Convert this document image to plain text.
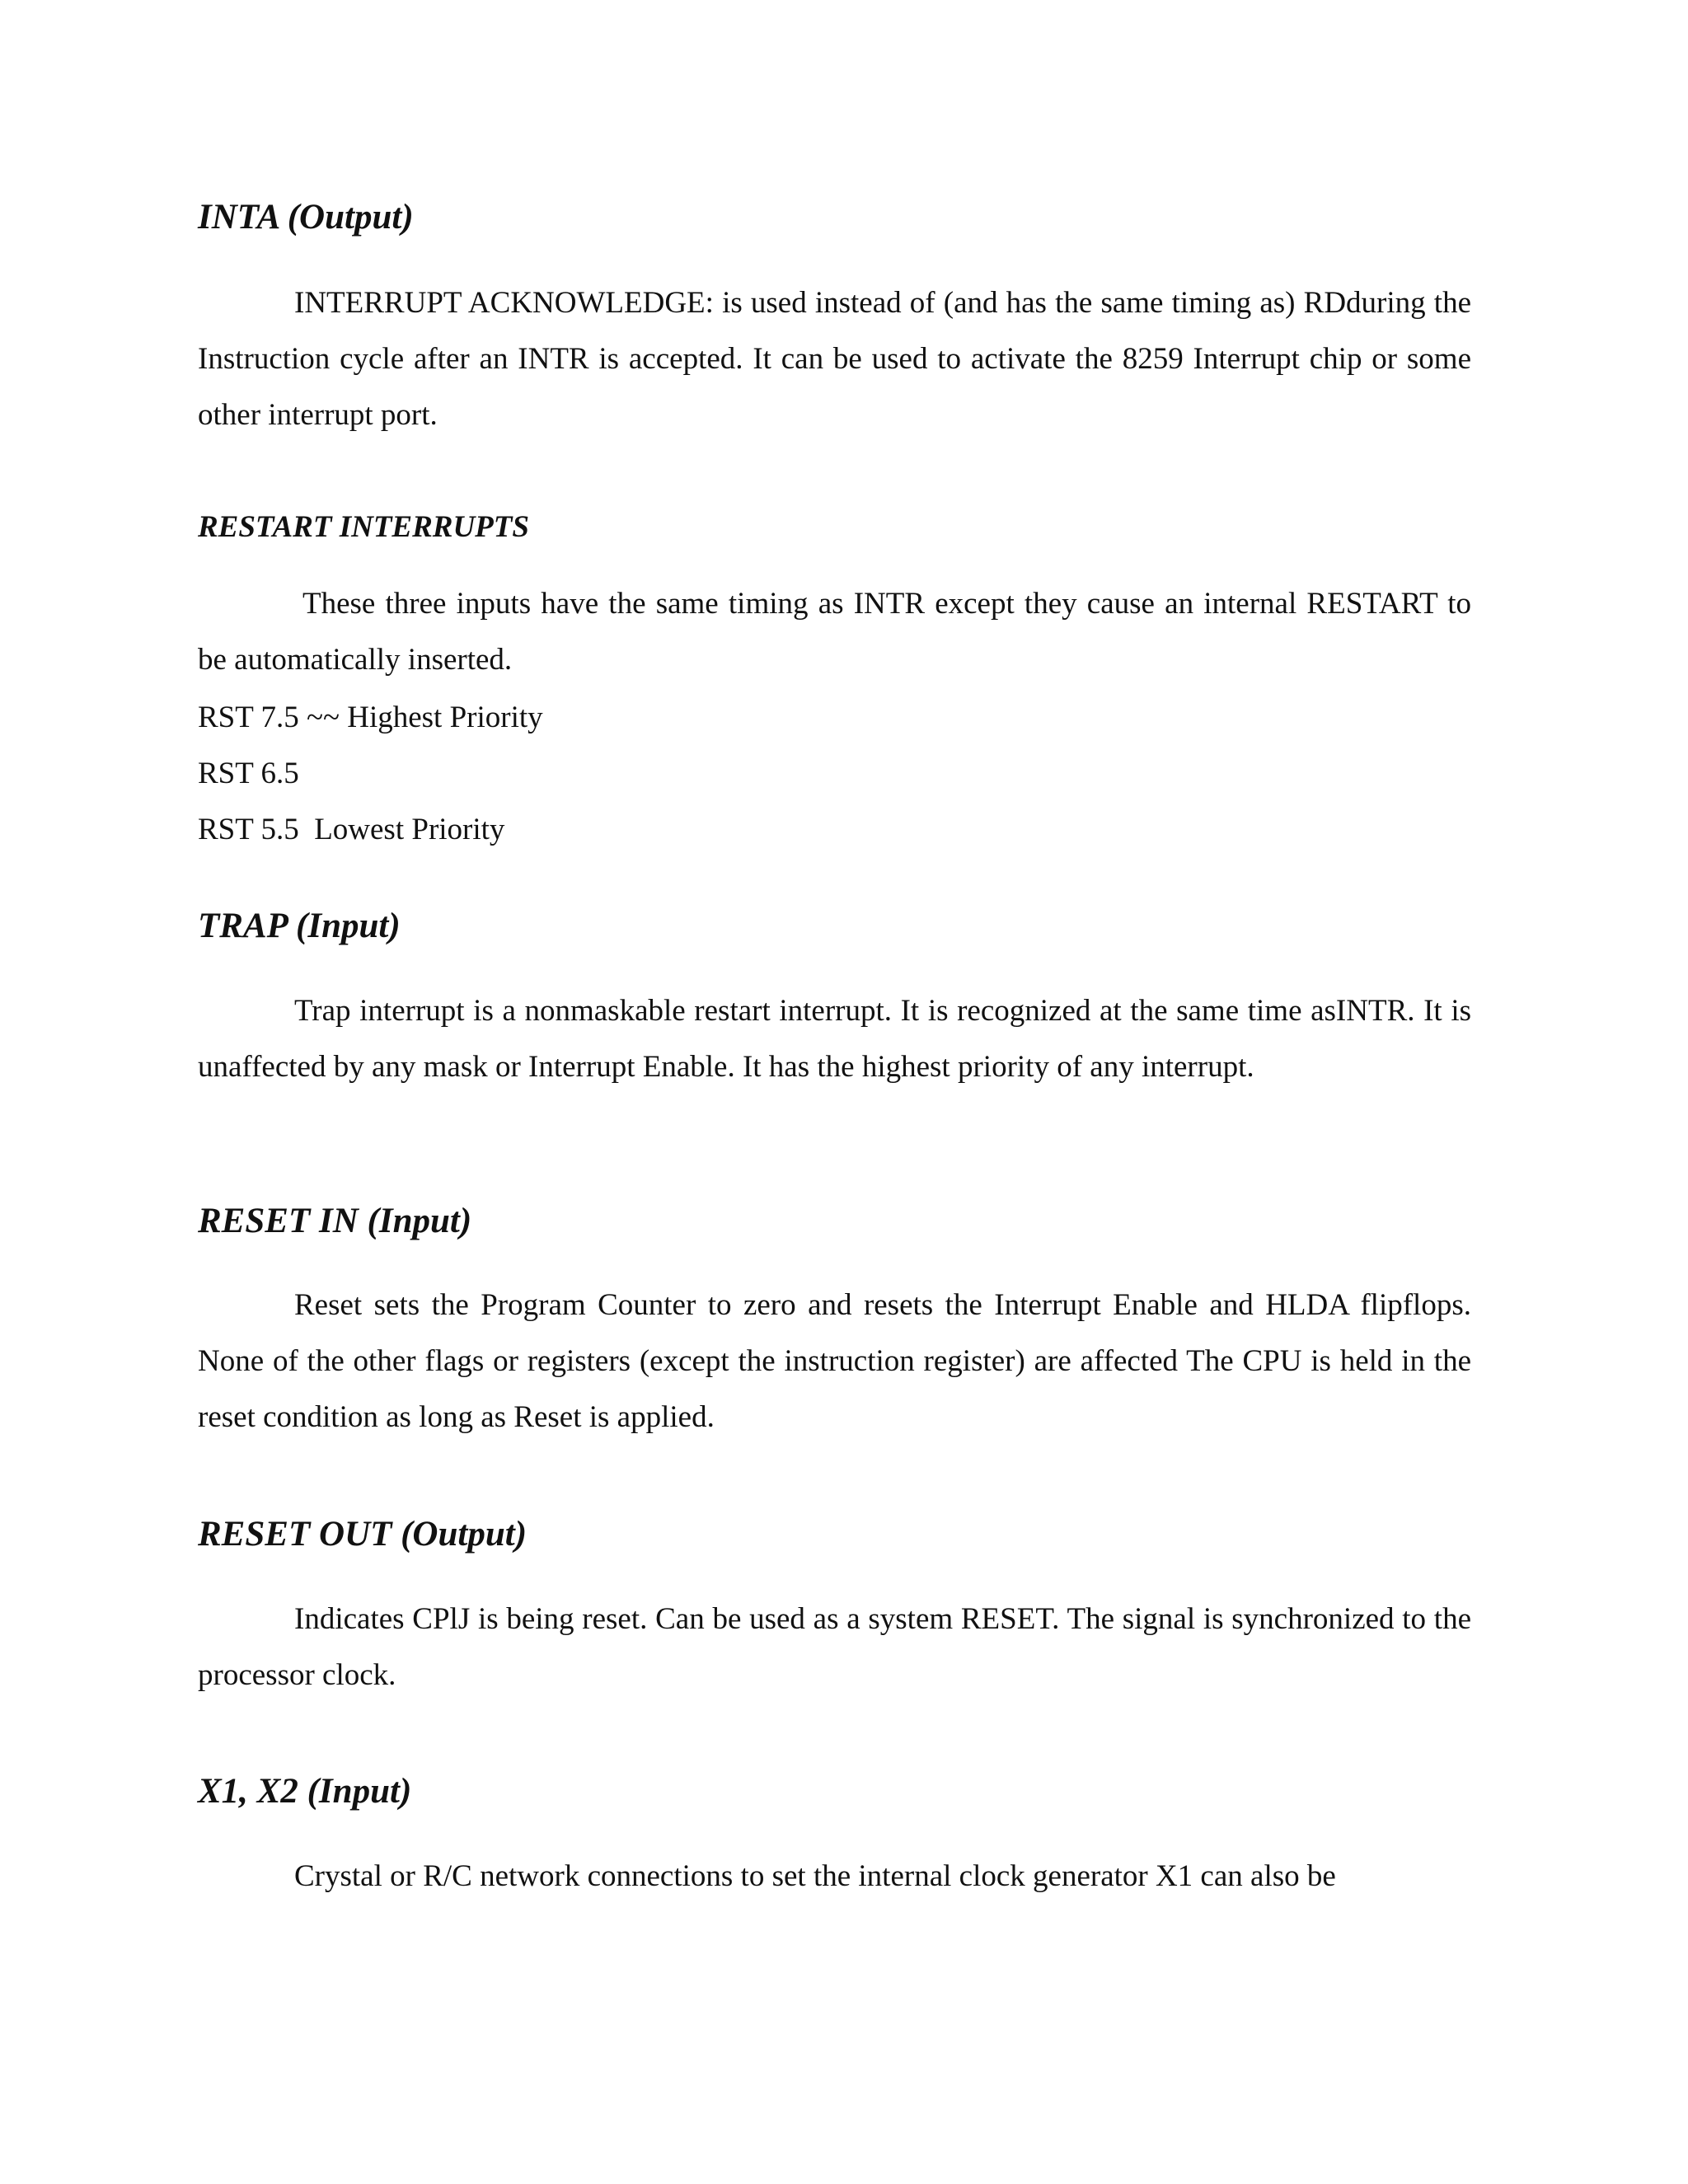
INTA (Output)

INTERRUPT ACKNOWLEDGE: is used instead of (and has the same timing as) RDduring the Instruction cycle after an INTR is accepted. It can be used to activate the 8259 Interrupt chip or some other interrupt port.

RESTART INTERRUPTS

These three inputs have the same timing as INTR except they cause an internal RESTART to be automatically inserted.

RST 7.5 ~~ Highest Priority

RST 6.5

RST 5.5  Lowest Priority

TRAP (Input)

Trap interrupt is a nonmaskable restart interrupt. It is recognized at the same time asINTR. It is unaffected by any mask or Interrupt Enable. It has the highest priority of any interrupt.

RESET IN (Input)

Reset sets the Program Counter to zero and resets the Interrupt Enable and HLDA flipflops. None of the other flags or registers (except the instruction register) are affected The CPU is held in the reset condition as long as Reset is applied.

RESET OUT (Output)

Indicates CPlJ is being reset. Can be used as a system RESET. The signal is synchronized to the processor clock.

X1, X2 (Input)

Crystal or R/C network connections to set the internal clock generator X1 can also be
